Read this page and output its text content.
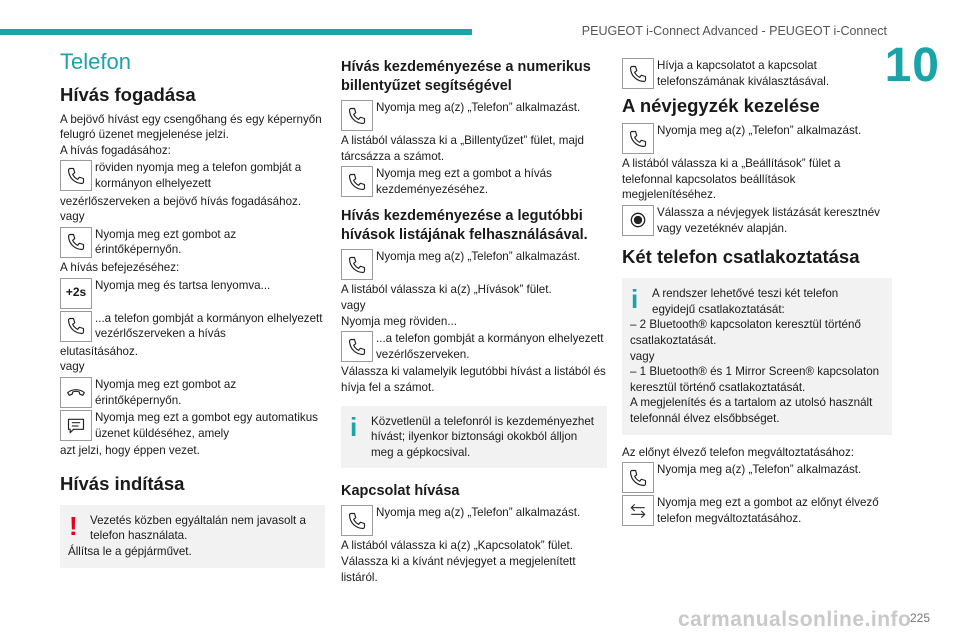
PEUGEOT i-Connect Advanced - PEUGEOT i-Connect
10
Telefon
Hívás fogadása

A bejövő hívást egy csengőhang és egy képernyőn felugró üzenet megjelenése jelzi.

A hívás fogadásához:

röviden nyomja meg a telefon gombját a kormányon elhelyezett

vezérlőszerveken a bejövő hívás fogadásához.

vagy

Nyomja meg ezt gombot az érintőképernyőn.

A hívás befejezéséhez:

+2s
Nyomja meg és tartsa lenyomva...
...a telefon gombját a kormányon elhelyezett vezérlőszerveken a hívás

elutasításához.

vagy

Nyomja meg ezt gombot az érintőképernyőn.
Nyomja meg ezt a gombot egy automatikus üzenet küldéséhez, amely

azt jelzi, hogy éppen vezet.

Hívás indítása
!	Vezetés közben egyáltalán nem javasolt a telefon használata.

Állítsa le a gépjárművet.

Hívás kezdeményezése a numerikus billentyűzet segítségével
Nyomja meg a(z) „Telefon” alkalmazást.

A listából válassza ki a „Billentyűzet” fület, majd tárcsázza a számot.

Nyomja meg ezt a gombot a hívás kezdeményezéséhez.
Hívás kezdeményezése a legutóbbi hívások listájának felhasználásával.
Nyomja meg a(z) „Telefon” alkalmazást.

A listából válassza ki a(z) „Hívások” fület.

vagy

Nyomja meg röviden...

...a telefon gombját a kormányon elhelyezett vezérlőszerveken.

Válassza ki valamelyik legutóbbi hívást a listából és hívja fel a számot.

i	Közvetlenül a telefonról is kezdeményezhet hívást; ilyenkor biztonsági okokból álljon meg a gépkocsival.

Kapcsolat hívása
Nyomja meg a(z) „Telefon” alkalmazást.

A listából válassza ki a(z) „Kapcsolatok” fület.

Válassza ki a kívánt névjegyet a megjelenített listáról.

Hívja a kapcsolatot a kapcsolat telefonszámának kiválasztásával.
A névjegyzék kezelése
Nyomja meg a(z) „Telefon” alkalmazást.

A listából válassza ki a „Beállítások” fület a telefonnal kapcsolatos beállítások megjelenítéséhez.

Válassza a névjegyek listázását keresztnév vagy vezetéknév alapján.
Két telefon csatlakoztatása
i	A rendszer lehetővé teszi két telefon egyidejű csatlakoztatását:

– 2 Bluetooth® kapcsolaton keresztül történő csatlakoztatását.

vagy

– 1 Bluetooth® és 1 Mirror Screen® kapcsolaton keresztül történő csatlakoztatását.

A megjelenítés és a tartalom az utolsó használt telefonnál élvez elsőbbséget.

Az előnyt élvező telefon megváltoztatásához:

Nyomja meg a(z) „Telefon” alkalmazást.
Nyomja meg ezt a gombot az előnyt élvező telefon megváltoztatásához.
carmanualsonline.info
225
